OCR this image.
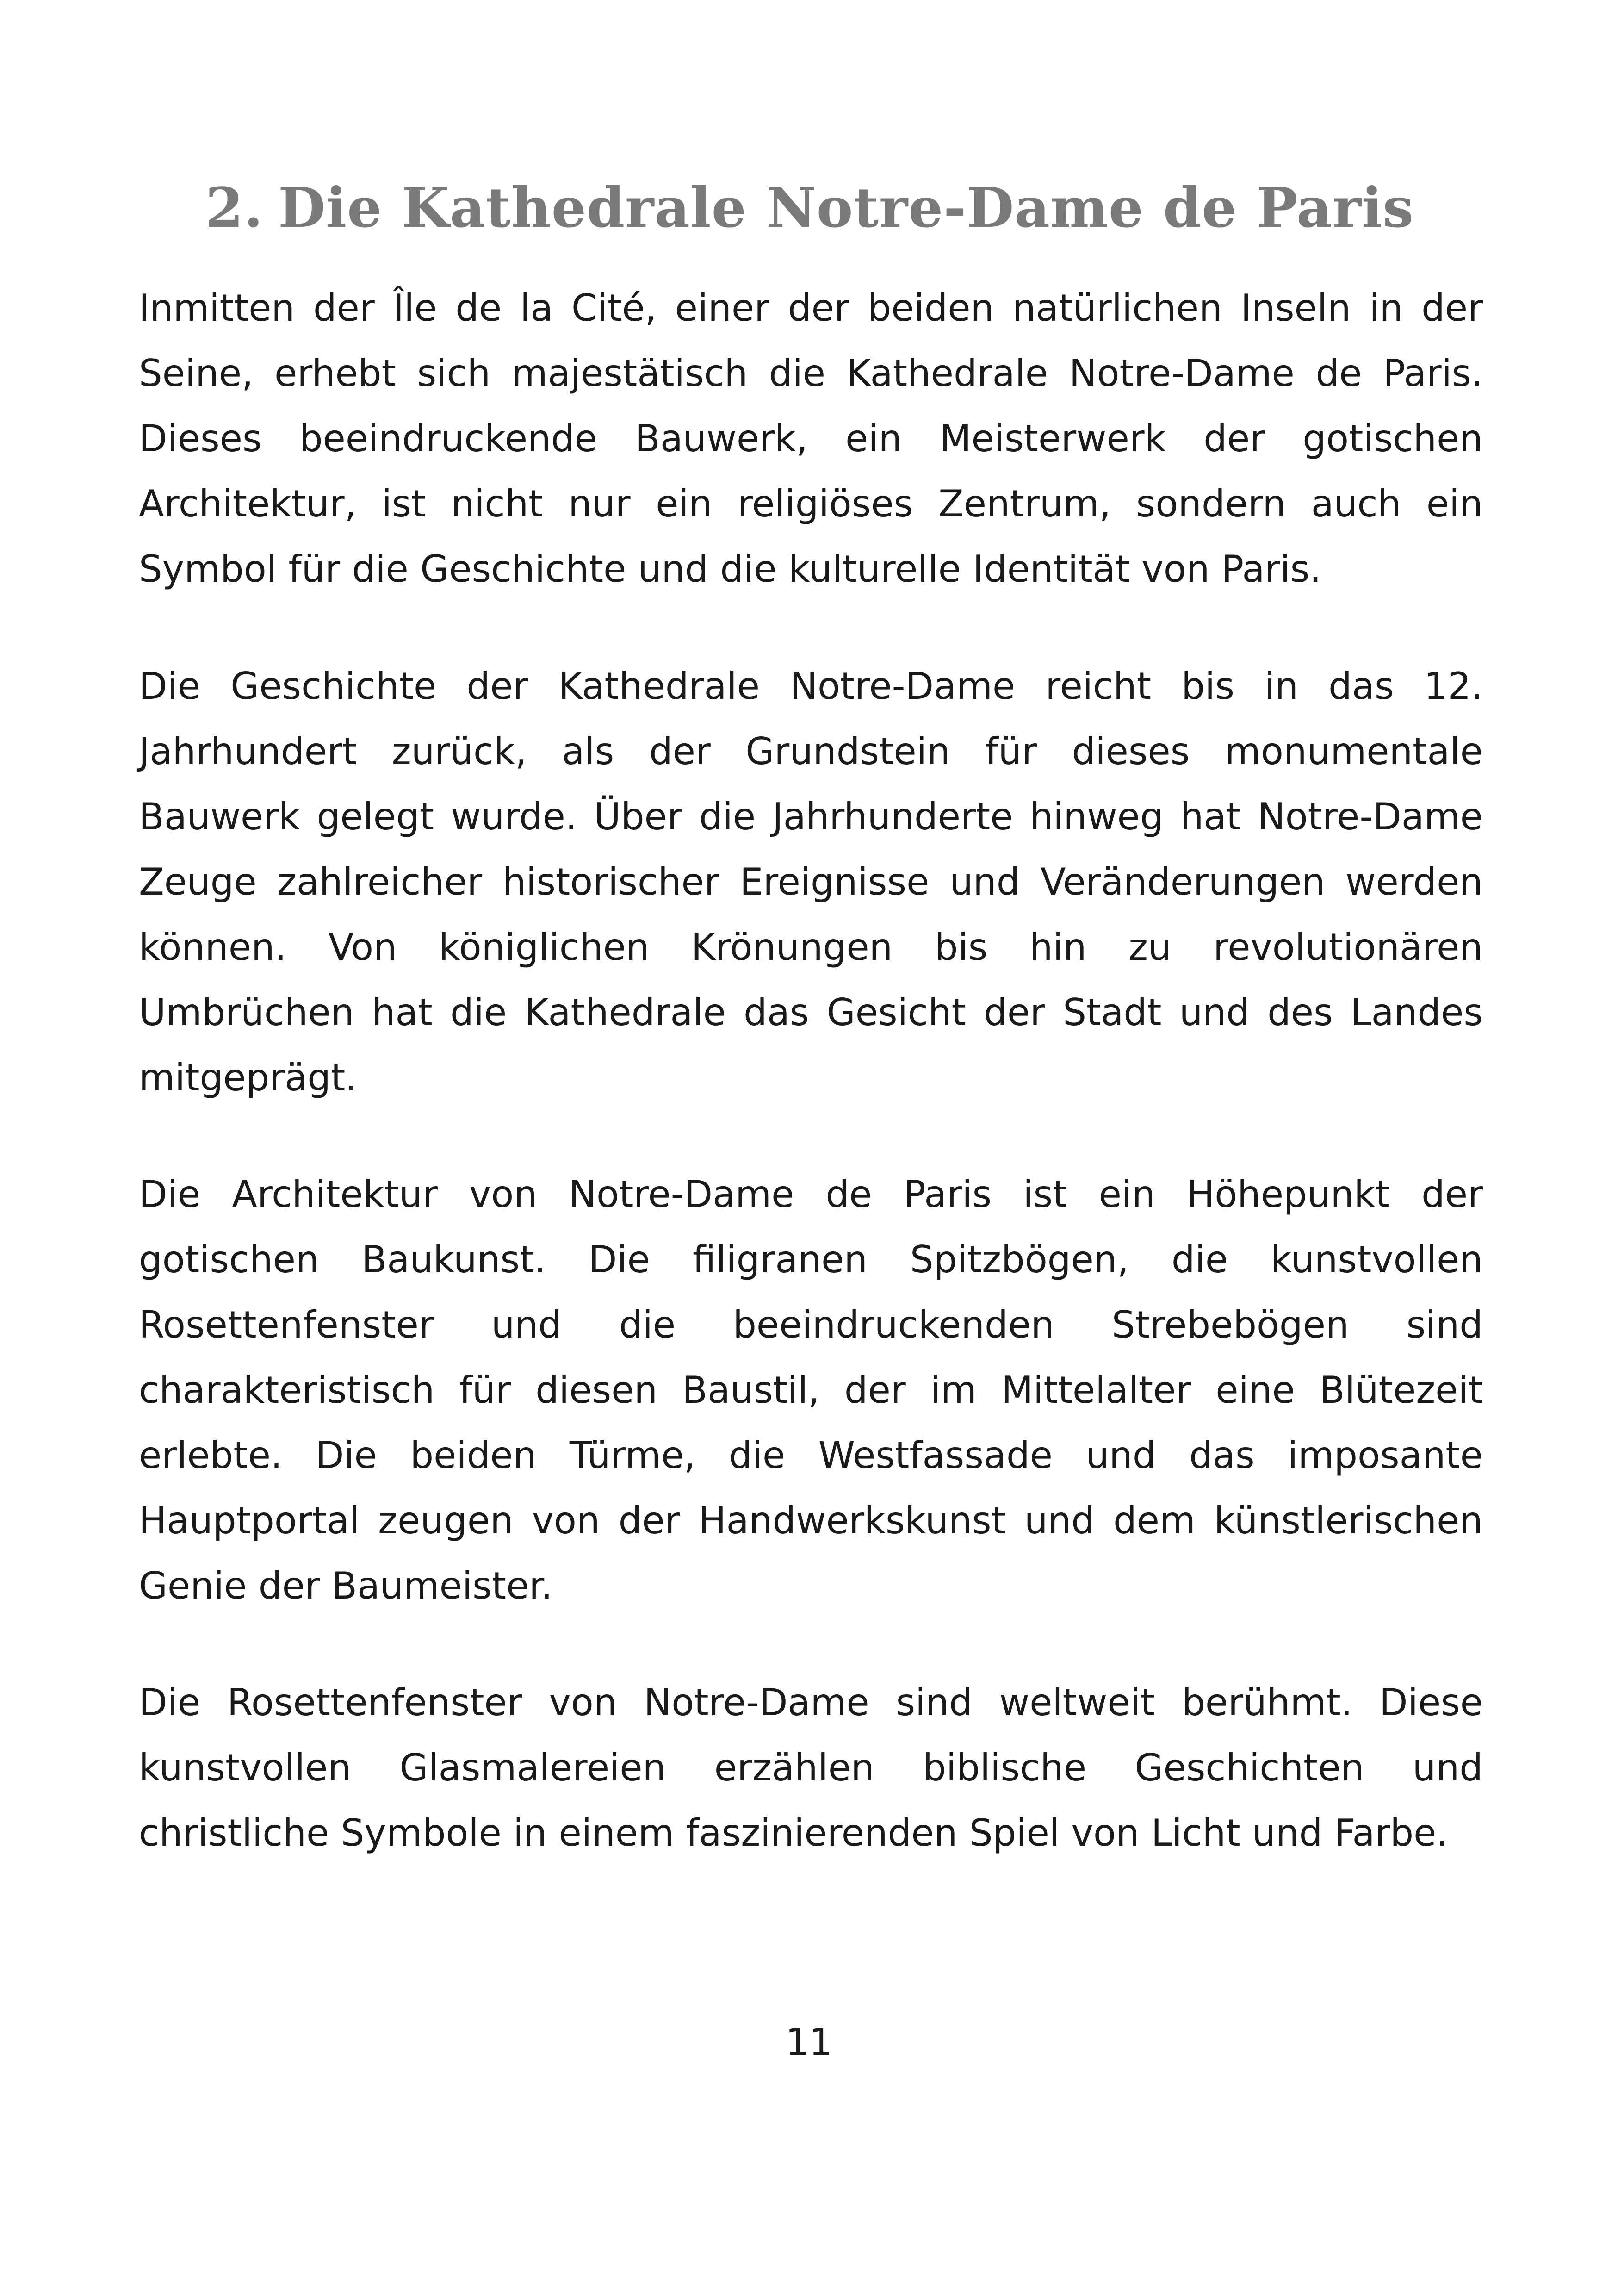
2. Die Kathedrale Notre-Dame de Paris

Inmitten der Île de la Cité, einer der beiden natürlichen Inseln in der Seine, erhebt sich majestätisch die Kathedrale Notre-Dame de Paris. Dieses beeindruckende Bauwerk, ein Meisterwerk der gotischen Architektur, ist nicht nur ein religiöses Zentrum, sondern auch ein Symbol für die Geschichte und die kulturelle Identität von Paris.

Die Geschichte der Kathedrale Notre-Dame reicht bis in das 12. Jahrhundert zurück, als der Grundstein für dieses monumentale Bauwerk gelegt wurde. Über die Jahrhunderte hinweg hat Notre-Dame Zeuge zahlreicher historischer Ereignisse und Veränderungen werden können. Von königlichen Krönungen bis hin zu revolutionären Umbrüchen hat die Kathedrale das Gesicht der Stadt und des Landes mitgeprägt.

Die Architektur von Notre-Dame de Paris ist ein Höhepunkt der gotischen Baukunst. Die filigranen Spitzbögen, die kunstvollen Rosettenfenster und die beeindruckenden Strebebögen sind charakteristisch für diesen Baustil, der im Mittelalter eine Blütezeit erlebte. Die beiden Türme, die Westfassade und das imposante Hauptportal zeugen von der Handwerkskunst und dem künstlerischen Genie der Baumeister.

Die Rosettenfenster von Notre-Dame sind weltweit berühmt. Diese kunstvollen Glasmalereien erzählen biblische Geschichten und christliche Symbole in einem faszinierenden Spiel von Licht und Farbe.

11
